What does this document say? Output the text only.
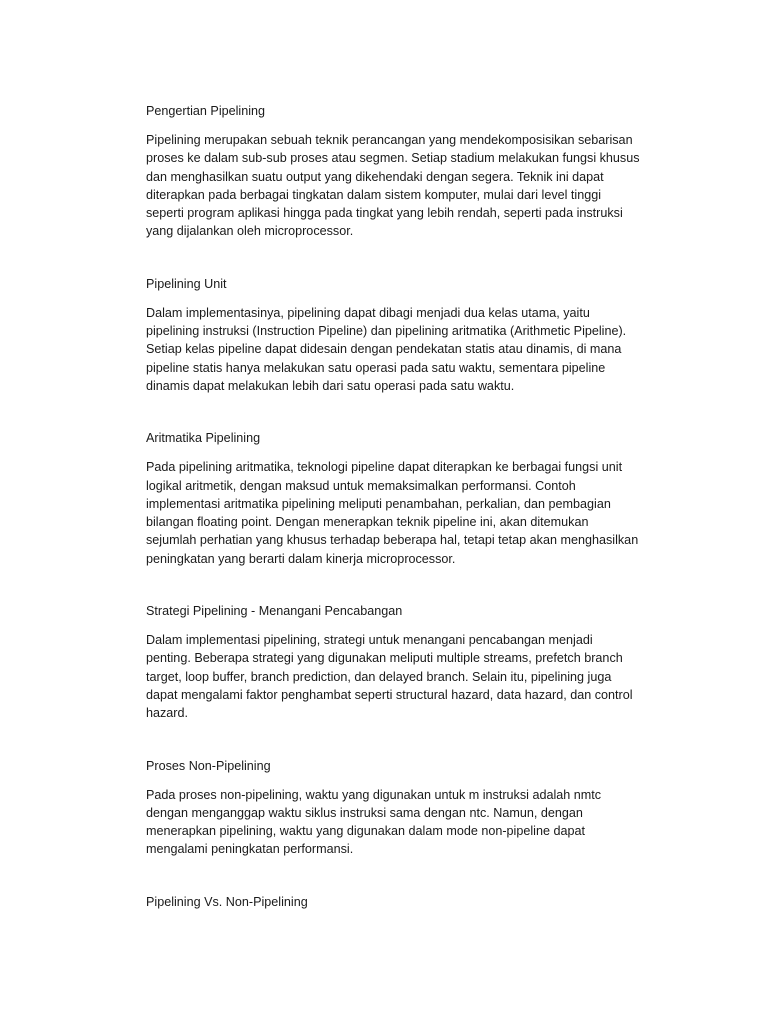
Pengertian Pipelining

Pipelining merupakan sebuah teknik perancangan yang mendekomposisikan sebarisan
proses ke dalam sub-sub proses atau segmen. Setiap stadium melakukan fungsi khusus
dan menghasilkan suatu output yang dikehendaki dengan segera. Teknik ini dapat
diterapkan pada berbagai tingkatan dalam sistem komputer, mulai dari level tinggi
seperti program aplikasi hingga pada tingkat yang lebih rendah, seperti pada instruksi
yang dijalankan oleh microprocessor.

Pipelining Unit

Dalam implementasinya, pipelining dapat dibagi menjadi dua kelas utama, yaitu
pipelining instruksi (Instruction Pipeline) dan pipelining aritmatika (Arithmetic Pipeline).
Setiap kelas pipeline dapat didesain dengan pendekatan statis atau dinamis, di mana
pipeline statis hanya melakukan satu operasi pada satu waktu, sementara pipeline
dinamis dapat melakukan lebih dari satu operasi pada satu waktu.

Aritmatika Pipelining

Pada pipelining aritmatika, teknologi pipeline dapat diterapkan ke berbagai fungsi unit
logikal aritmetik, dengan maksud untuk memaksimalkan performansi. Contoh
implementasi aritmatika pipelining meliputi penambahan, perkalian, dan pembagian
bilangan floating point. Dengan menerapkan teknik pipeline ini, akan ditemukan
sejumlah perhatian yang khusus terhadap beberapa hal, tetapi tetap akan menghasilkan
peningkatan yang berarti dalam kinerja microprocessor.

Strategi Pipelining - Menangani Pencabangan

Dalam implementasi pipelining, strategi untuk menangani pencabangan menjadi
penting. Beberapa strategi yang digunakan meliputi multiple streams, prefetch branch
target, loop buffer, branch prediction, dan delayed branch. Selain itu, pipelining juga
dapat mengalami faktor penghambat seperti structural hazard, data hazard, dan control
hazard.

Proses Non-Pipelining

Pada proses non-pipelining, waktu yang digunakan untuk m instruksi adalah nmtc
dengan menganggap waktu siklus instruksi sama dengan ntc. Namun, dengan
menerapkan pipelining, waktu yang digunakan dalam mode non-pipeline dapat
mengalami peningkatan performansi.

Pipelining Vs. Non-Pipelining
